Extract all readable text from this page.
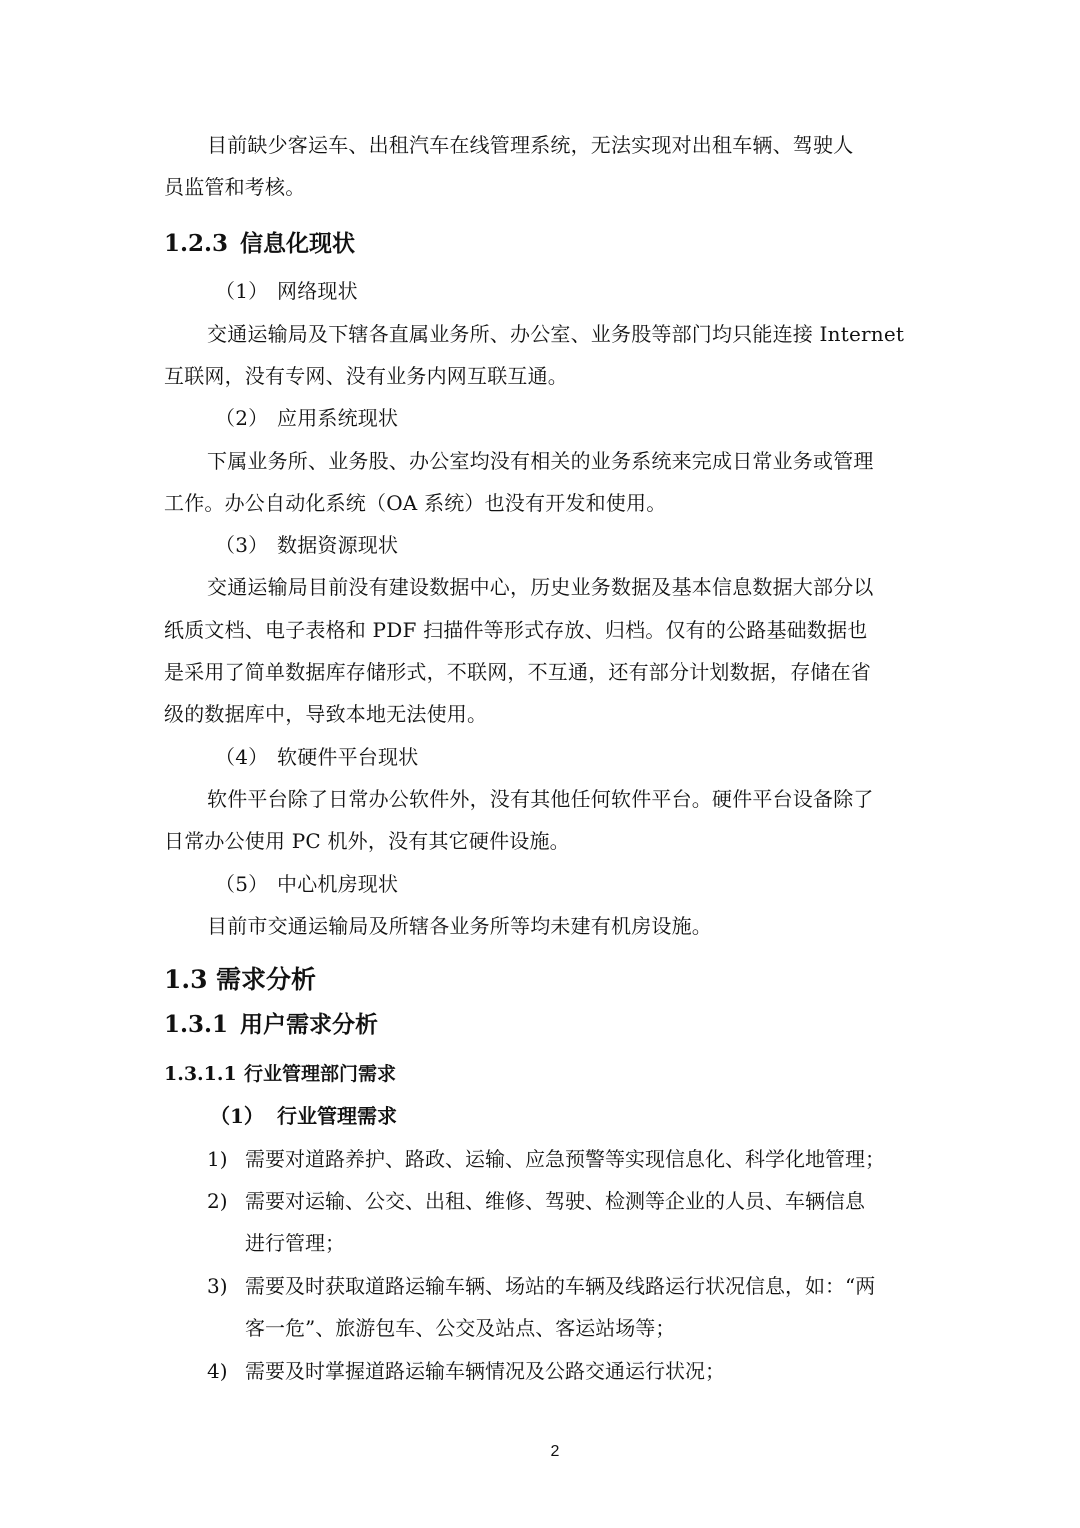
目前缺少客运车、出租汽车在线管理系统，无法实现对出租车辆、驾驶人
员监管和考核。
1.2.3 信息化现状
（1） 网络现状
交通运输局及下辖各直属业务所、办公室、业务股等部门均只能连接 Internet
互联网，没有专网、没有业务内网互联互通。
（2） 应用系统现状
下属业务所、业务股、办公室均没有相关的业务系统来完成日常业务或管理
工作。办公自动化系统（OA 系统）也没有开发和使用。
（3） 数据资源现状
交通运输局目前没有建设数据中心，历史业务数据及基本信息数据大部分以
纸质文档、电子表格和 PDF 扫描件等形式存放、归档。仅有的公路基础数据也
是采用了简单数据库存储形式，不联网，不互通，还有部分计划数据，存储在省
级的数据库中，导致本地无法使用。
（4） 软硬件平台现状
软件平台除了日常办公软件外，没有其他任何软件平台。硬件平台设备除了
日常办公使用 PC 机外，没有其它硬件设施。
（5） 中心机房现状
目前市交通运输局及所辖各业务所等均未建有机房设施。
1.3 需求分析
1.3.1 用户需求分析
1.3.1.1 行业管理部门需求
（1） 行业管理需求
1) 需要对道路养护、路政、运输、应急预警等实现信息化、科学化地管理；
2) 需要对运输、公交、出租、维修、驾驶、检测等企业的人员、车辆信息
进行管理；
3) 需要及时获取道路运输车辆、场站的车辆及线路运行状况信息，如：“两
客一危”、旅游包车、公交及站点、客运站场等；
4) 需要及时掌握道路运输车辆情况及公路交通运行状况；
2
